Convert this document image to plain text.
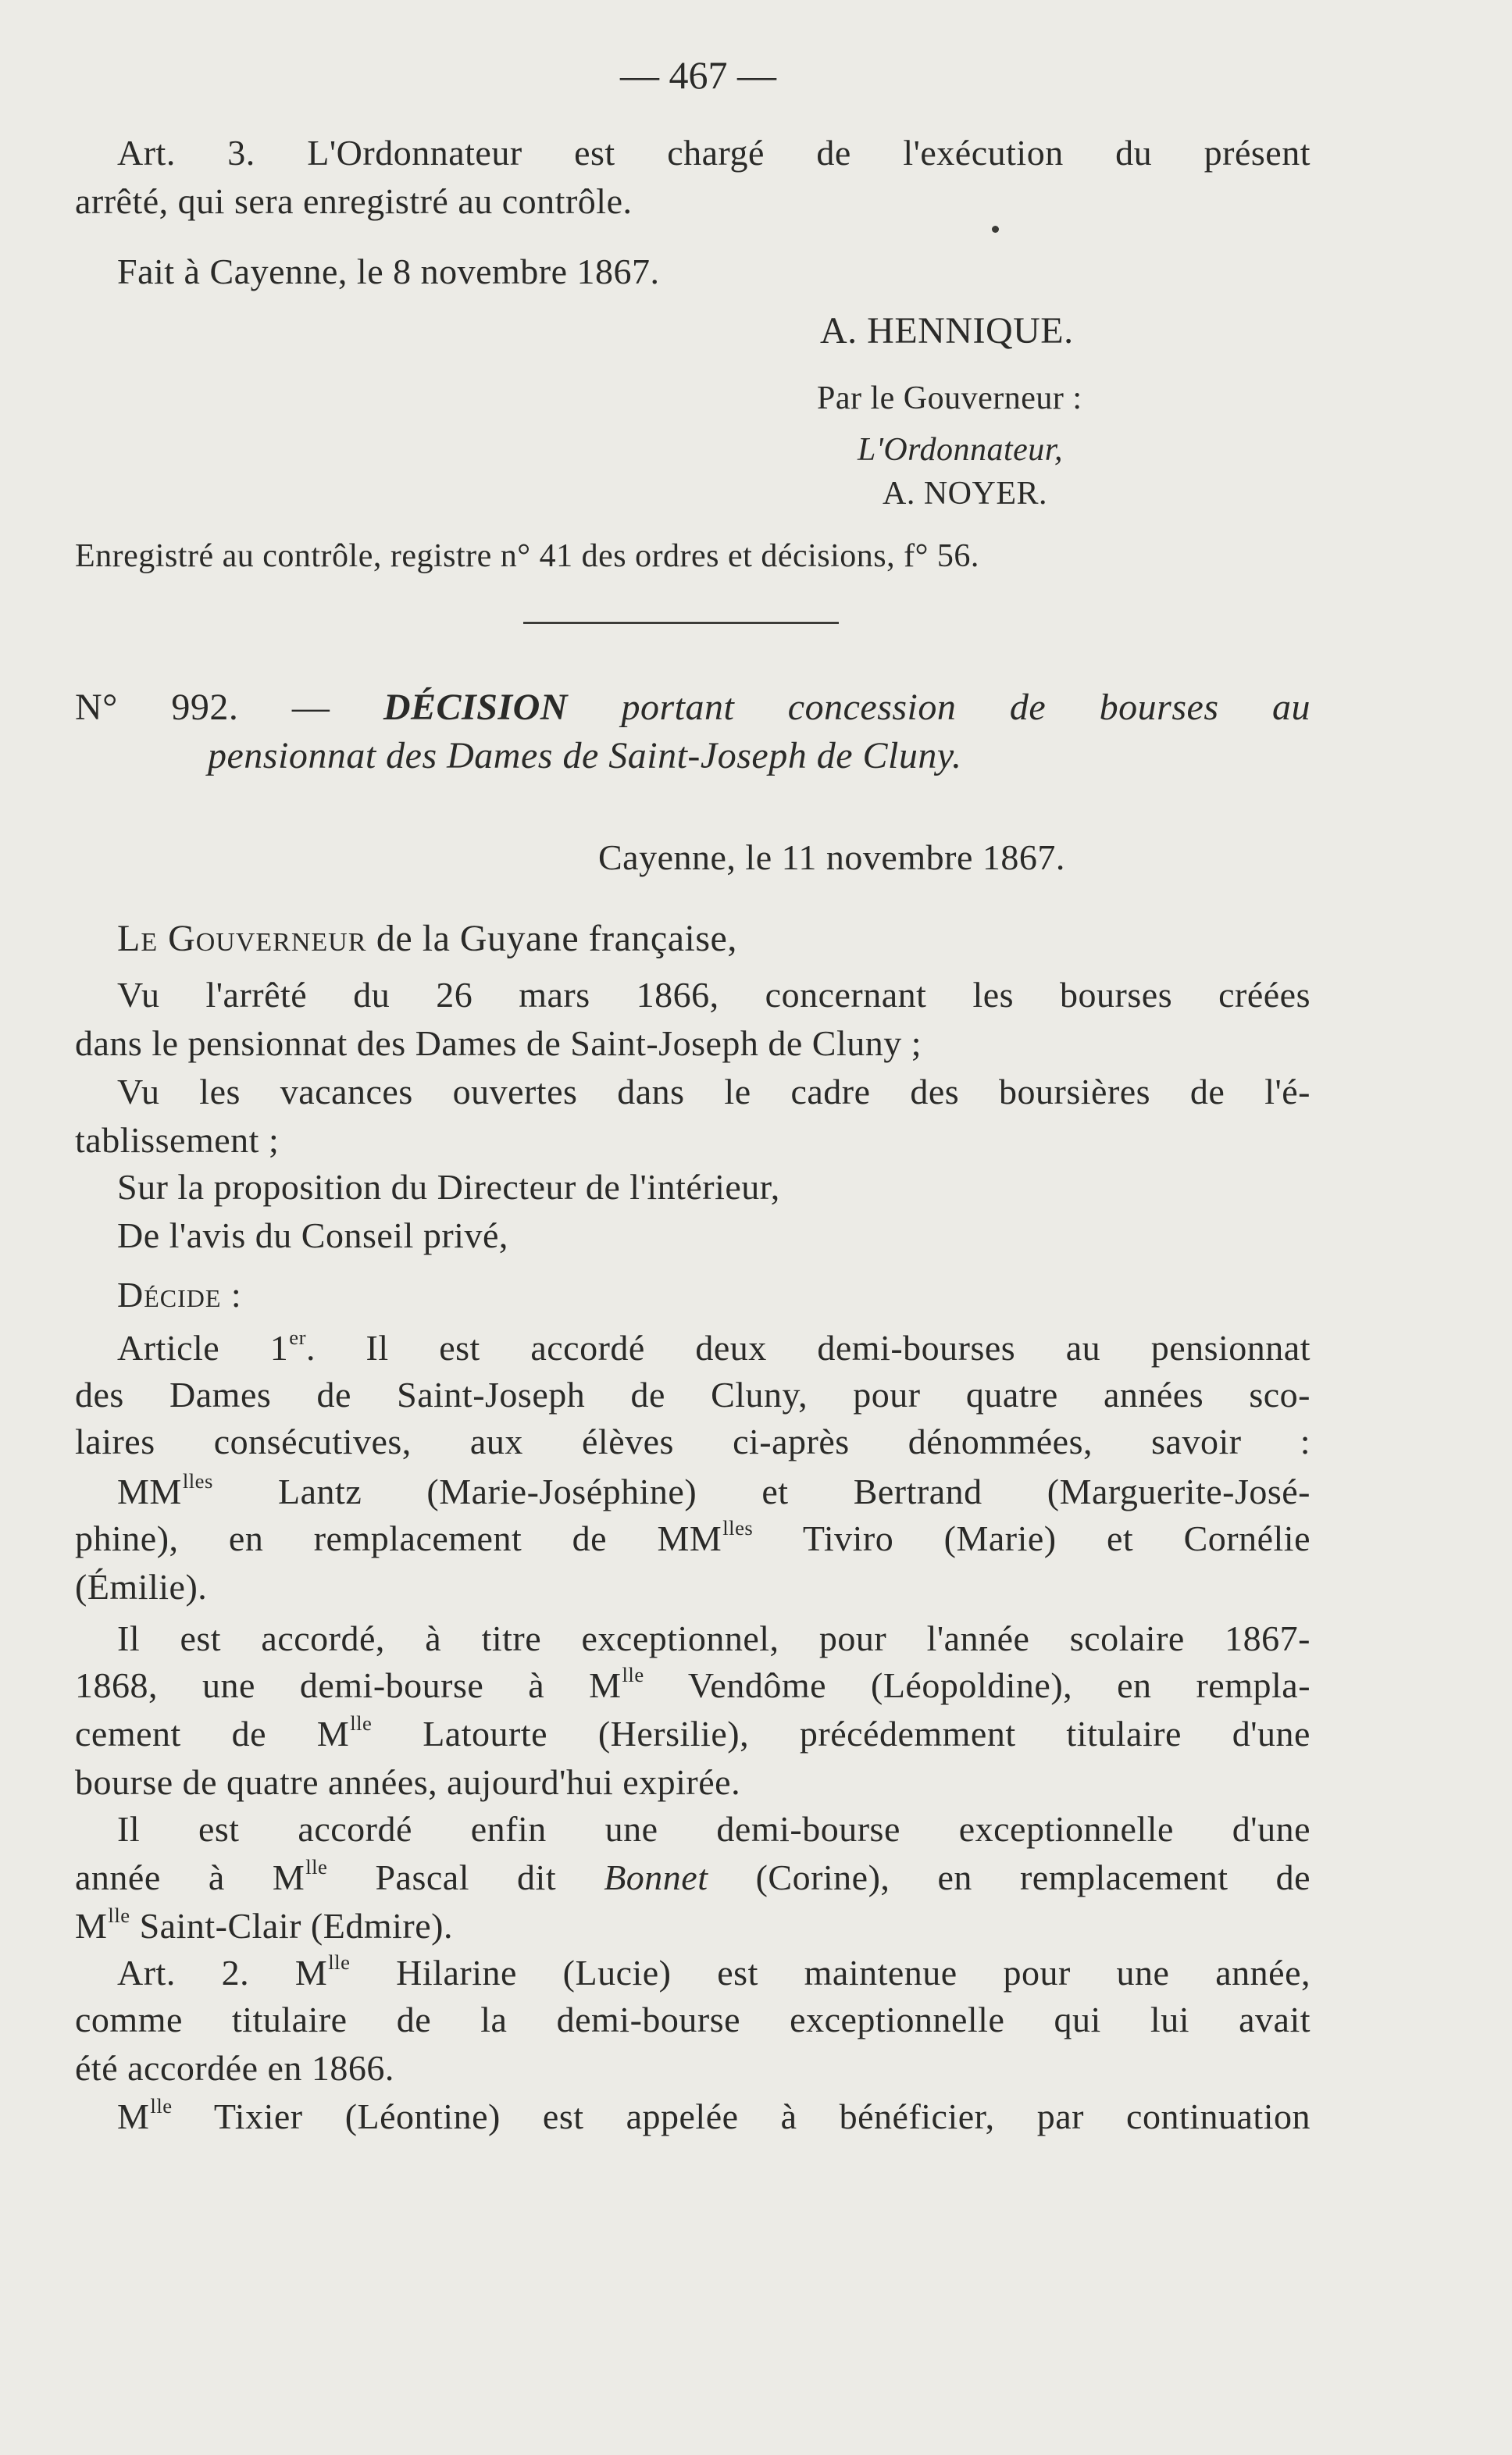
— 467 —
Art. 3. L'Ordonnateur est chargé de l'exécution du présent
arrêté, qui sera enregistré au contrôle.
Fait à Cayenne, le 8 novembre 1867.
A. HENNIQUE.
Par le Gouverneur :
L'Ordonnateur,
A. NOYER.
Enregistré au contrôle, registre n° 41 des ordres et décisions, f° 56.
N° 992. — DÉCISION portant concession de bourses au
pensionnat des Dames de Saint-Joseph de Cluny.
Cayenne, le 11 novembre 1867.
Le Gouverneur de la Guyane française,
Vu l'arrêté du 26 mars 1866, concernant les bourses créées
dans le pensionnat des Dames de Saint-Joseph de Cluny ;
Vu les vacances ouvertes dans le cadre des boursières de l'é-
tablissement ;
Sur la proposition du Directeur de l'intérieur,
De l'avis du Conseil privé,
Décide :
Article 1er. Il est accordé deux demi-bourses au pensionnat
des Dames de Saint-Joseph de Cluny, pour quatre années sco-
laires consécutives, aux élèves ci-après dénommées, savoir :
$MM^{lles}$ Lantz (Marie-Joséphine) et Bertrand (Marguerite-José-
phine), en remplacement de $MM^{lles}$ Tiviro (Marie) et Cornélie
(Émilie).
Il est accordé, à titre exceptionnel, pour l'année scolaire 1867-
1868, une demi-bourse à $M^{lle}$ Vendôme (Léopoldine), en rempla-
cement de $M^{lle}$ Latourte (Hersilie), précédemment titulaire d'une
bourse de quatre années, aujourd'hui expirée.
Il est accordé enfin une demi-bourse exceptionnelle d'une
année à $M^{lle}$ Pascal dit Bonnet (Corine), en remplacement de
$M^{lle}$ Saint-Clair (Edmire).
Art. 2. $M^{lle}$ Hilarine (Lucie) est maintenue pour une année,
comme titulaire de la demi-bourse exceptionnelle qui lui avait
été accordée en 1866.
$M^{lle}$ Tixier (Léontine) est appelée à bénéficier, par continuation
